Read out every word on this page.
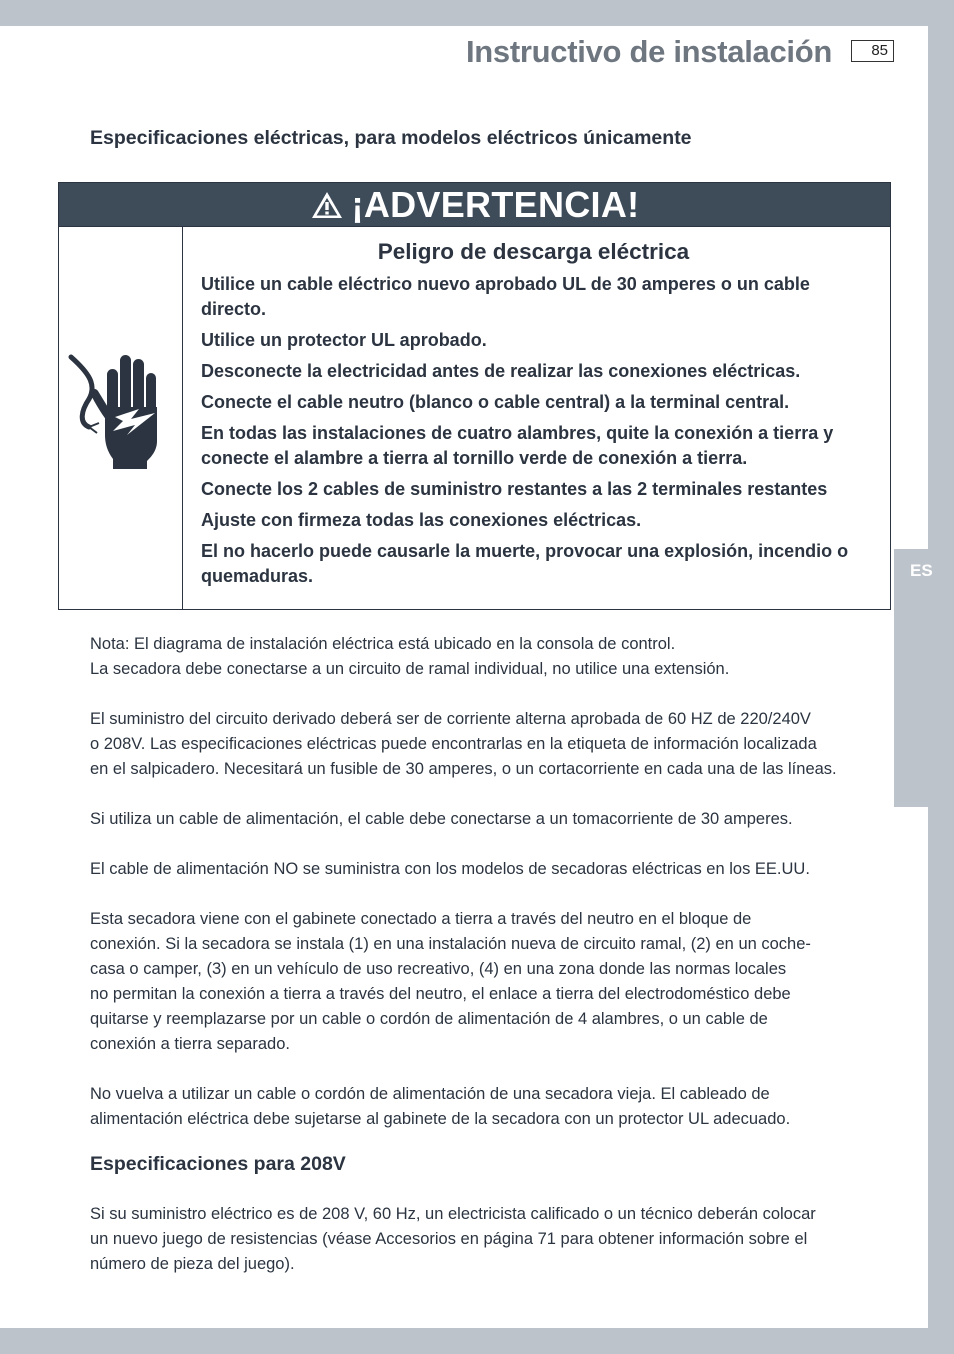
Instructivo de instalación	85
Especificaciones eléctricas, para modelos eléctricos únicamente
¡ADVERTENCIA!
Peligro de descarga eléctrica
Utilice un cable eléctrico nuevo aprobado UL de 30 amperes o un cable directo.
Utilice un protector UL aprobado.
Desconecte la electricidad antes de realizar las conexiones eléctricas.
Conecte el cable neutro (blanco o cable central) a la terminal central.
En todas las instalaciones de cuatro alambres, quite la conexión a tierra y conecte el alambre a tierra al tornillo verde de conexión a tierra.
Conecte los 2 cables de suministro restantes a las 2 terminales restantes
Ajuste con firmeza todas las conexiones eléctricas.
El no hacerlo puede causarle la muerte, provocar una explosión, incendio o quemaduras.

Nota: El diagrama de instalación eléctrica está ubicado en la consola de control.
La secadora debe conectarse a un circuito de ramal individual, no utilice una extensión.

El suministro del circuito derivado deberá ser de corriente alterna aprobada de 60 HZ de 220/240V
o 208V. Las especificaciones eléctricas puede encontrarlas en la etiqueta de información localizada
en el salpicadero. Necesitará un fusible de 30 amperes, o un cortacorriente en cada una de las líneas.

Si utiliza un cable de alimentación, el cable debe conectarse a un tomacorriente de 30 amperes.

El cable de alimentación NO se suministra con los modelos de secadoras eléctricas en los EE.UU.

Esta secadora viene con el gabinete conectado a tierra a través del neutro en el bloque de
conexión. Si la secadora se instala (1) en una instalación nueva de circuito ramal, (2) en un coche-
casa o camper, (3) en un vehículo de uso recreativo, (4) en una zona donde las normas locales
no permitan la conexión a tierra a través del neutro, el enlace a tierra del electrodoméstico debe
quitarse y reemplazarse por un cable o cordón de alimentación de 4 alambres, o un cable de
conexión a tierra separado.

No vuelva a utilizar un cable o cordón de alimentación de una secadora vieja. El cableado de
alimentación eléctrica debe sujetarse al gabinete de la secadora con un protector UL adecuado.

Especificaciones para 208V

Si su suministro eléctrico es de 208 V, 60 Hz, un electricista calificado o un técnico deberán colocar
un nuevo juego de resistencias (véase Accesorios en página 71 para obtener información sobre el
número de pieza del juego).

ES
